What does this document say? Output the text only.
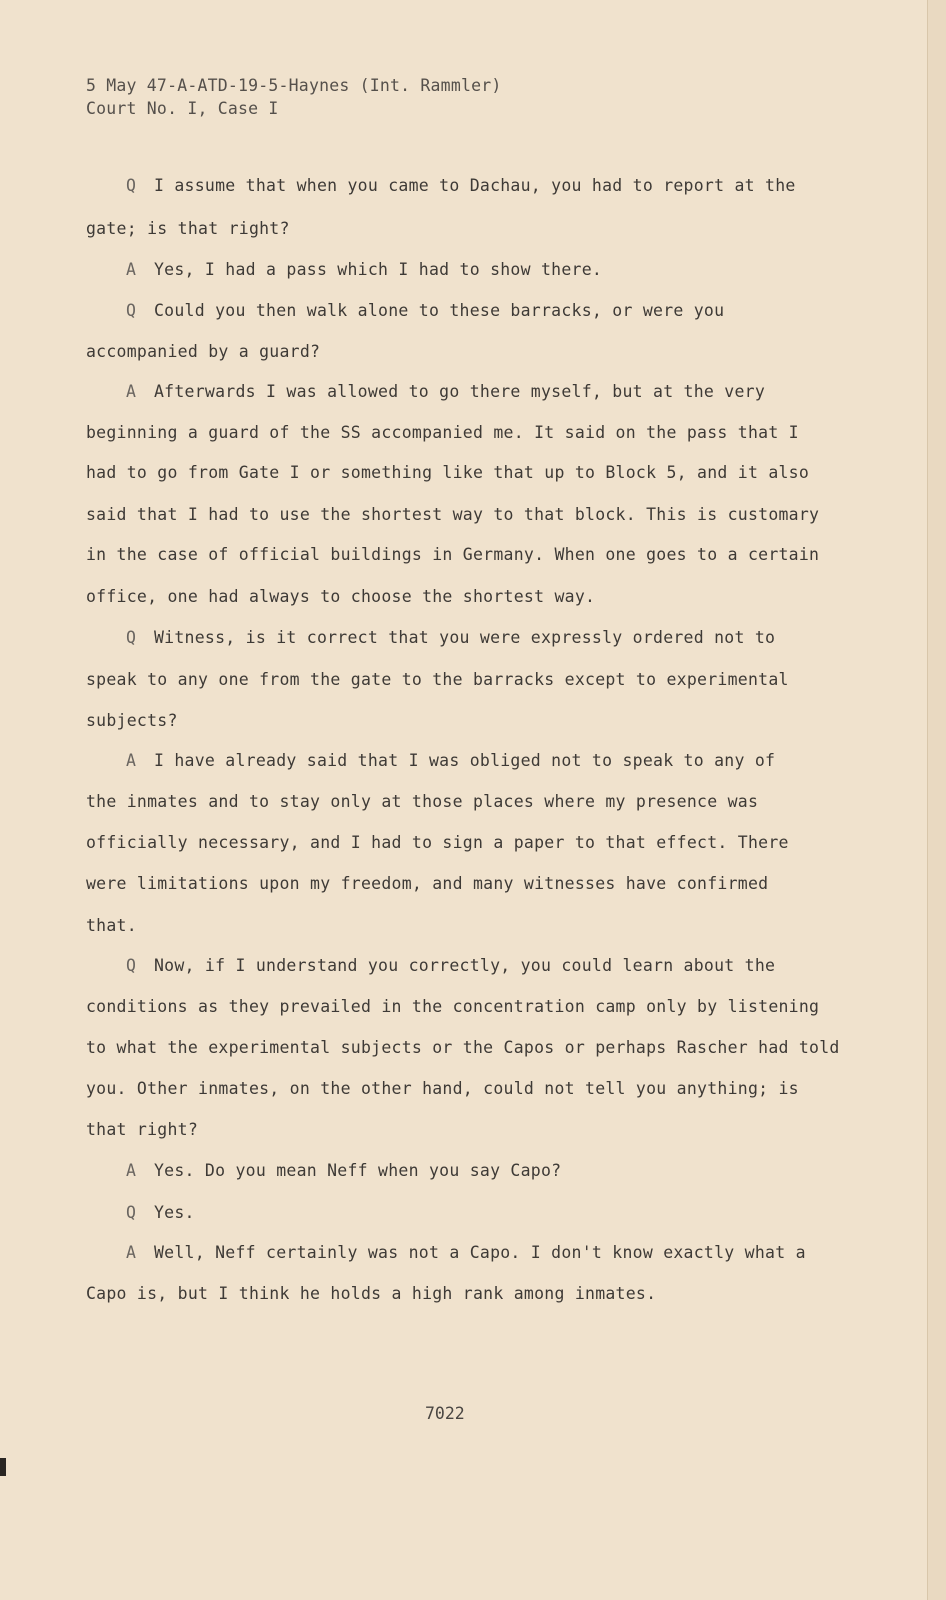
5 May 47-A-ATD-19-5-Haynes (Int. Rammler)
Court No. I, Case I
Q I assume that when you came to Dachau, you had to report at the
gate; is that right?
A Yes, I had a pass which I had to show there.
Q Could you then walk alone to these barracks, or were you
accompanied by a guard?
A Afterwards I was allowed to go there myself, but at the very
beginning a guard of the SS accompanied me. It said on the pass that I
had to go from Gate I or something like that up to Block 5, and it also
said that I had to use the shortest way to that block. This is customary
in the case of official buildings in Germany. When one goes to a certain
office, one had always to choose the shortest way.
Q Witness, is it correct that you were expressly ordered not to
speak to any one from the gate to the barracks except to experimental
subjects?
A I have already said that I was obliged not to speak to any of
the inmates and to stay only at those places where my presence was
officially necessary, and I had to sign a paper to that effect. There
were limitations upon my freedom, and many witnesses have confirmed
that.
Q Now, if I understand you correctly, you could learn about the
conditions as they prevailed in the concentration camp only by listening
to what the experimental subjects or the Capos or perhaps Rascher had told
you. Other inmates, on the other hand, could not tell you anything; is
that right?
A Yes. Do you mean Neff when you say Capo?
Q Yes.
A Well, Neff certainly was not a Capo. I don't know exactly what a
Capo is, but I think he holds a high rank among inmates.
7022
